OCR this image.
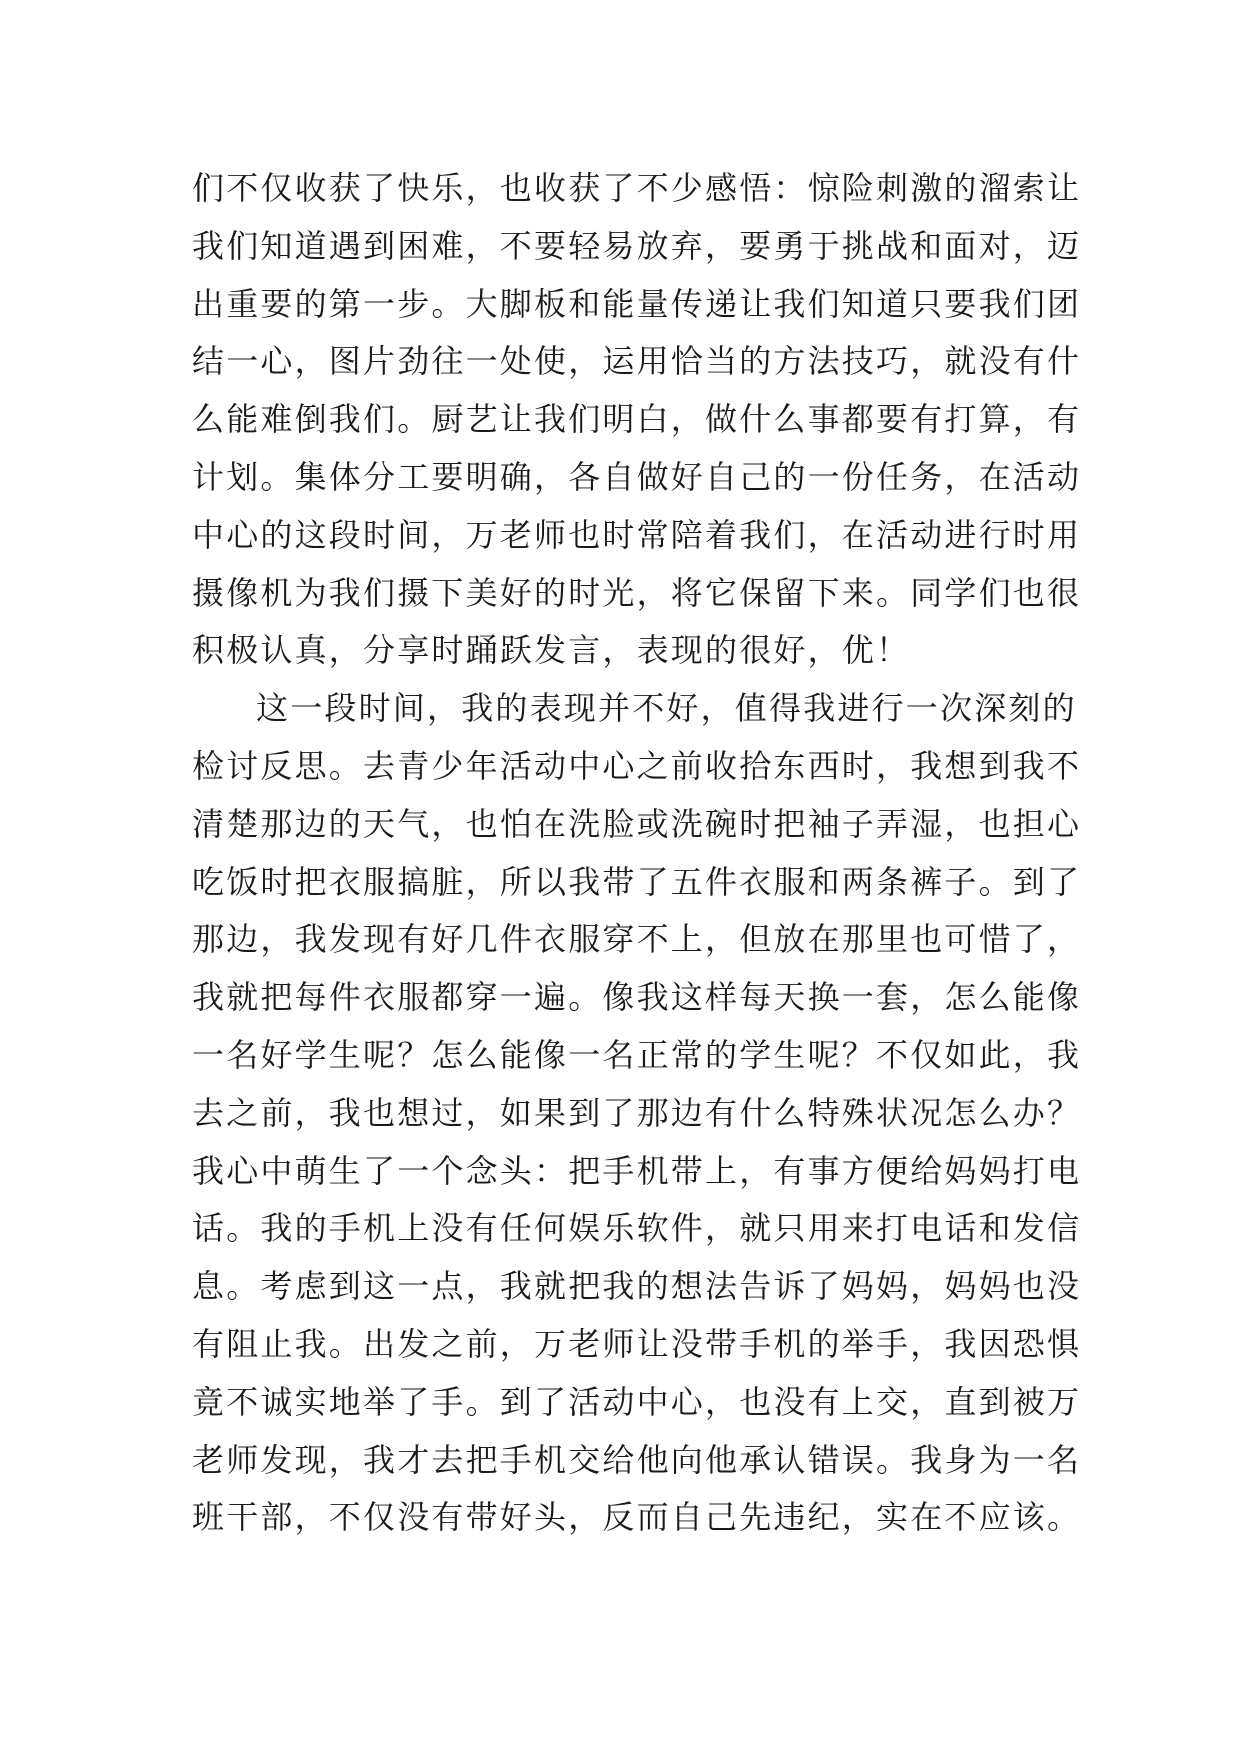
们不仅收获了快乐，也收获了不少感悟：惊险刺激的溜索让
我们知道遇到困难，不要轻易放弃，要勇于挑战和面对，迈
出重要的第一步。大脚板和能量传递让我们知道只要我们团
结一心，图片劲往一处使，运用恰当的方法技巧，就没有什
么能难倒我们。厨艺让我们明白，做什么事都要有打算，有
计划。集体分工要明确，各自做好自己的一份任务，在活动
中心的这段时间，万老师也时常陪着我们，在活动进行时用
摄像机为我们摄下美好的时光，将它保留下来。同学们也很
积极认真，分享时踊跃发言，表现的很好，优！
这一段时间，我的表现并不好，值得我进行一次深刻的
检讨反思。去青少年活动中心之前收拾东西时，我想到我不
清楚那边的天气，也怕在洗脸或洗碗时把袖子弄湿，也担心
吃饭时把衣服搞脏，所以我带了五件衣服和两条裤子。到了
那边，我发现有好几件衣服穿不上，但放在那里也可惜了，
我就把每件衣服都穿一遍。像我这样每天换一套，怎么能像
一名好学生呢？怎么能像一名正常的学生呢？不仅如此，我
去之前，我也想过，如果到了那边有什么特殊状况怎么办？
我心中萌生了一个念头：把手机带上，有事方便给妈妈打电
话。我的手机上没有任何娱乐软件，就只用来打电话和发信
息。考虑到这一点，我就把我的想法告诉了妈妈，妈妈也没
有阻止我。出发之前，万老师让没带手机的举手，我因恐惧
竟不诚实地举了手。到了活动中心，也没有上交，直到被万
老师发现，我才去把手机交给他向他承认错误。我身为一名
班干部，不仅没有带好头，反而自己先违纪，实在不应该。
